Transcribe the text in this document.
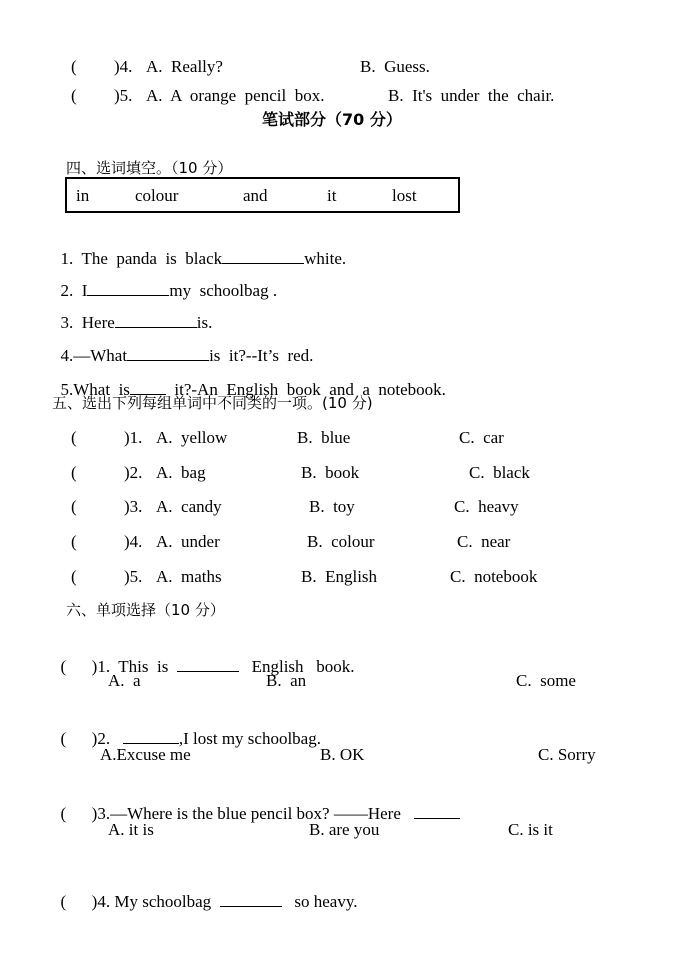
( )4. A.  Really?	B.  Guess.
( )5. A.  A  orange  pencil  box.	B.  It's  under  the  chair.
笔试部分（70 分）
四、选词填空。（10 分）
in	colour	and	it	lost

1.  The  panda  is  black	white.

2.  I	my  schoolbag .

3.  Here	is.

4.—What	is  it?--It’s  red.

5.What  is	it?-An  English  book  and  a  notebook.

五、选出下列每组单词中不同类的一项。(10 分)
(	)1. A.  yellow	B.  blue	C.  car
(	)2. A.  bag	B.  book	C.  black
(	)3. A.  candy	B.  toy	C.  heavy
(	)4. A.  under	B.  colour	C.  near
(	)5. A.  maths	B.  English	C.  notebook
六、单项选择（10 分）

(      )1.  This  is	English   book.

A.  a	B.  an	C.  some

(      )2.	,I lost my schoolbag.

A.Excuse me	B. OK	C. Sorry

(      )3.—Where is the blue pencil box? ——Here

A. it is	B. are you	C. is it

(      )4. My schoolbag	so heavy.
